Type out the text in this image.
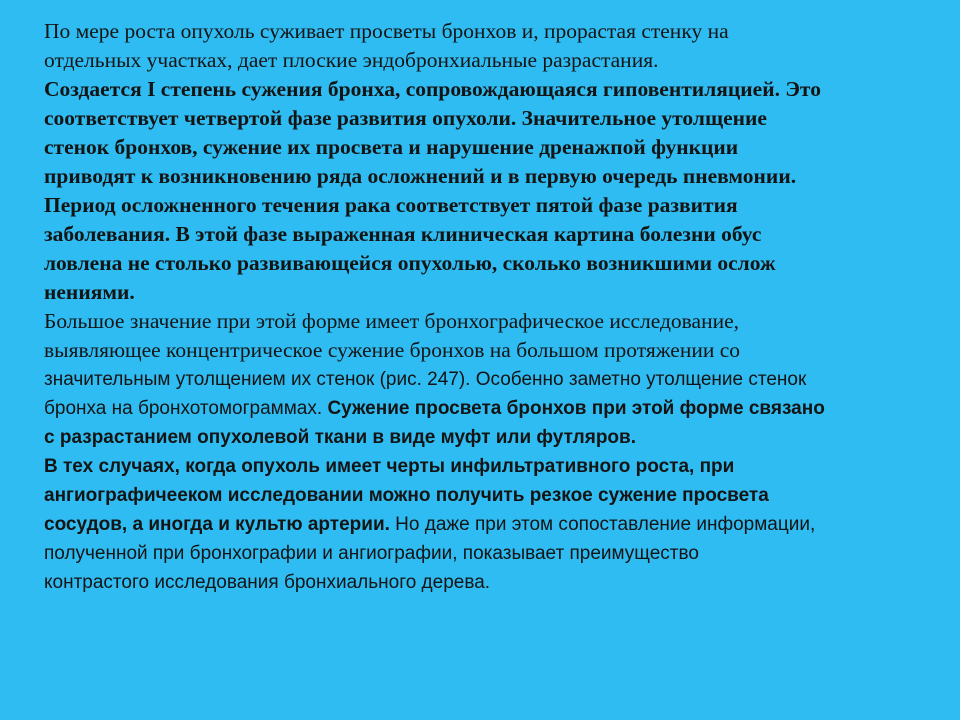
По мере роста опухоль суживает просветы бронхов и, прорастая стенку на
отдельных участках, дает плоские эндобронхиальные разрастания.
Создается I степень сужения бронха, сопровождающаяся гиповентиляцией. Это
соответствует четвертой фазе развития опухоли. Значительное утолщение
стенок бронхов, сужение их просвета и нарушение дренажпой функции
приводят к возникновению ряда осложнений и в первую очередь пневмонии.
Период осложненного течения рака соответствует пятой фазе развития
заболевания. В этой фазе выраженная клиническая картина болезни обус
ловлена не столько развивающейся опухолью, сколько возникшими ослож
нениями.
Большое значение при этой форме имеет бронхографическое исследование,
выявляющее концентрическое сужение бронхов на большом протяжении со
значительным утолщением их стенок (рис. 247). Особенно заметно утолщение стенок
бронха на бронхотомограммах. Сужение просвета бронхов при этой форме связано
с разрастанием опухолевой ткани в виде муфт или футляров.
В тех случаях, когда опухоль имеет черты инфильтративного роста, при
ангиографичееком исследовании можно получить резкое сужение просвета
сосудов, а иногда и культю артерии. Но даже при этом сопоставление информации,
полученной при бронхографии и ангиографии, показывает преимущество
контрастого исследования бронхиального дерева.
